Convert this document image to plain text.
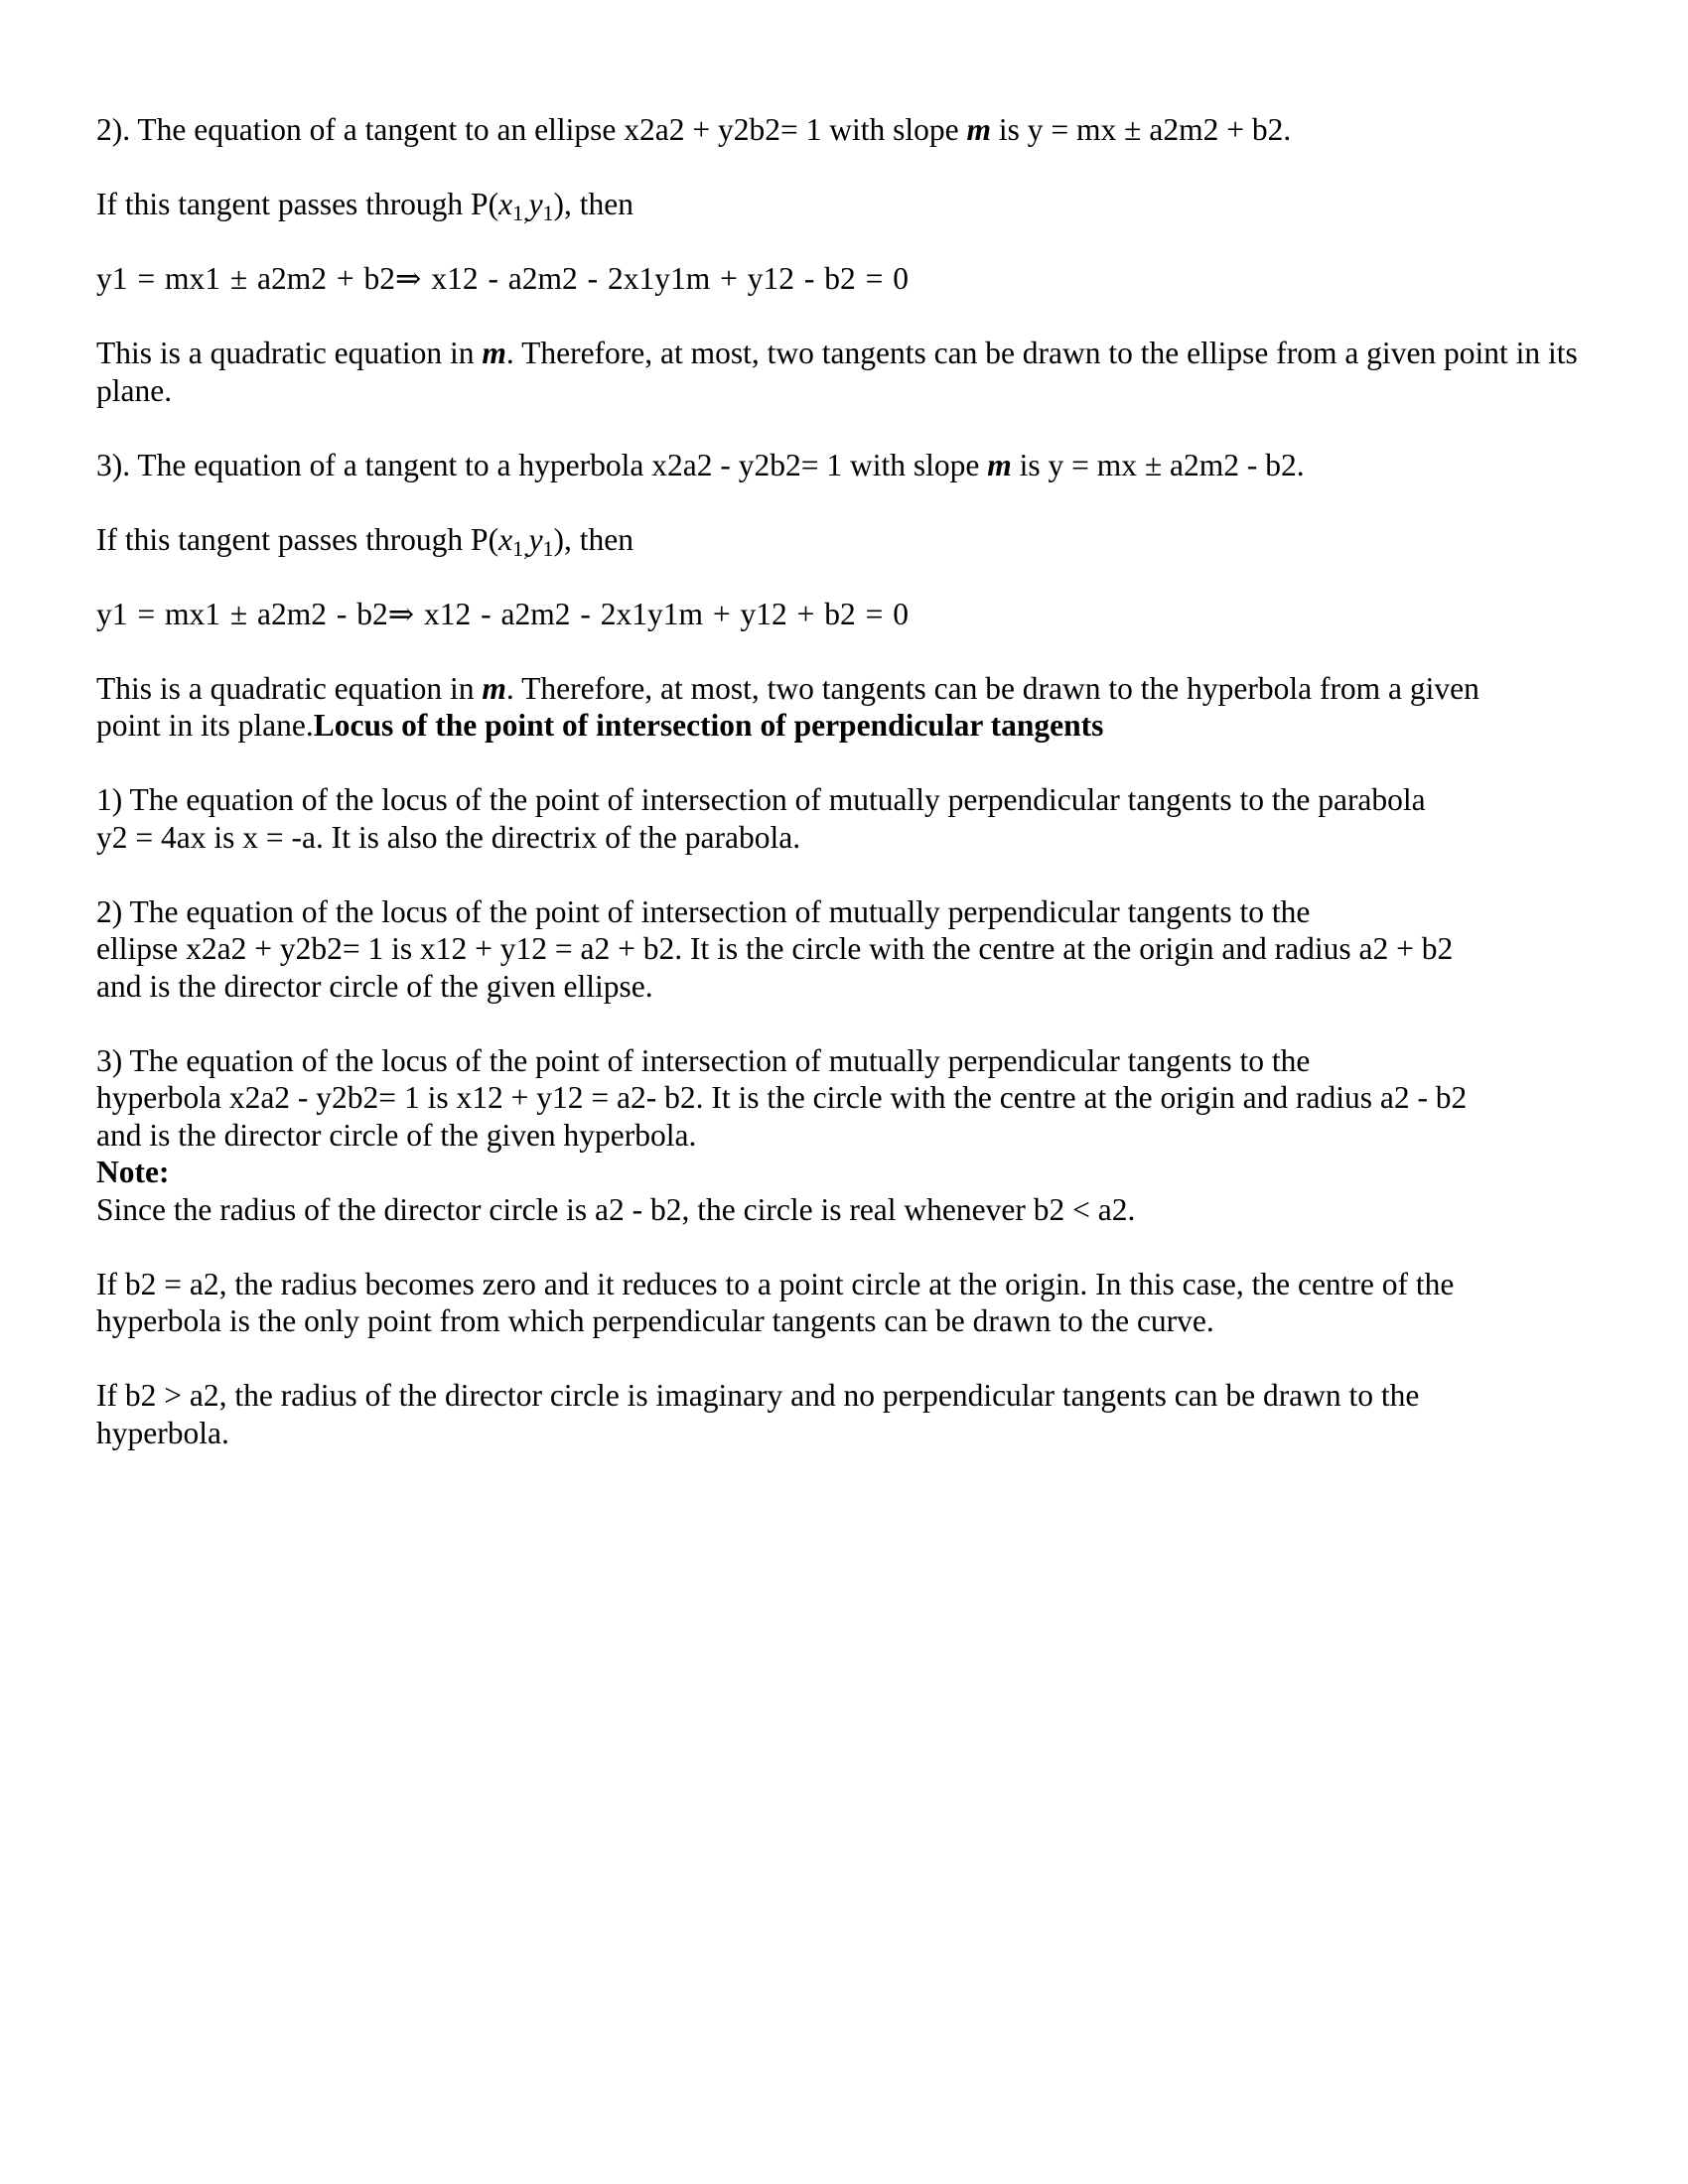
2). The equation of a tangent to an ellipse x2a2 + y2b2= 1 with slope m is y = mx ± a2m2 + b2.

If this tangent passes through $P(x_{1,}y_1)$, then

y1 = mx1 ± a2m2 + b2⇒ x12 - a2m2 - 2x1y1m + y12 - b2 = 0

This is a quadratic equation in m. Therefore, at most, two tangents can be drawn to the ellipse from a given point in its plane.

3). The equation of a tangent to a hyperbola x2a2 - y2b2= 1 with slope m is y = mx ± a2m2 - b2.

If this tangent passes through $P(x_{1,}y_1)$, then

y1 = mx1 ± a2m2 - b2⇒ x12 - a2m2 - 2x1y1m + y12 + b2 = 0

This is a quadratic equation in m. Therefore, at most, two tangents can be drawn to the hyperbola from a given
point in its plane.Locus of the point of intersection of perpendicular tangents

1) The equation of the locus of the point of intersection of mutually perpendicular tangents to the parabola
y2 = 4ax is x = -a. It is also the directrix of the parabola.

2) The equation of the locus of the point of intersection of mutually perpendicular tangents to the
ellipse x2a2 + y2b2= 1 is x12 + y12 = a2 + b2. It is the circle with the centre at the origin and radius a2 + b2
and is the director circle of the given ellipse.

3) The equation of the locus of the point of intersection of mutually perpendicular tangents to the
hyperbola x2a2 - y2b2= 1 is x12 + y12 = a2- b2. It is the circle with the centre at the origin and radius a2 - b2
and is the director circle of the given hyperbola.

Note:
Since the radius of the director circle is a2 - b2, the circle is real whenever b2 < a2.

If b2 = a2, the radius becomes zero and it reduces to a point circle at the origin. In this case, the centre of the
hyperbola is the only point from which perpendicular tangents can be drawn to the curve.

If b2 > a2, the radius of the director circle is imaginary and no perpendicular tangents can be drawn to the
hyperbola.
